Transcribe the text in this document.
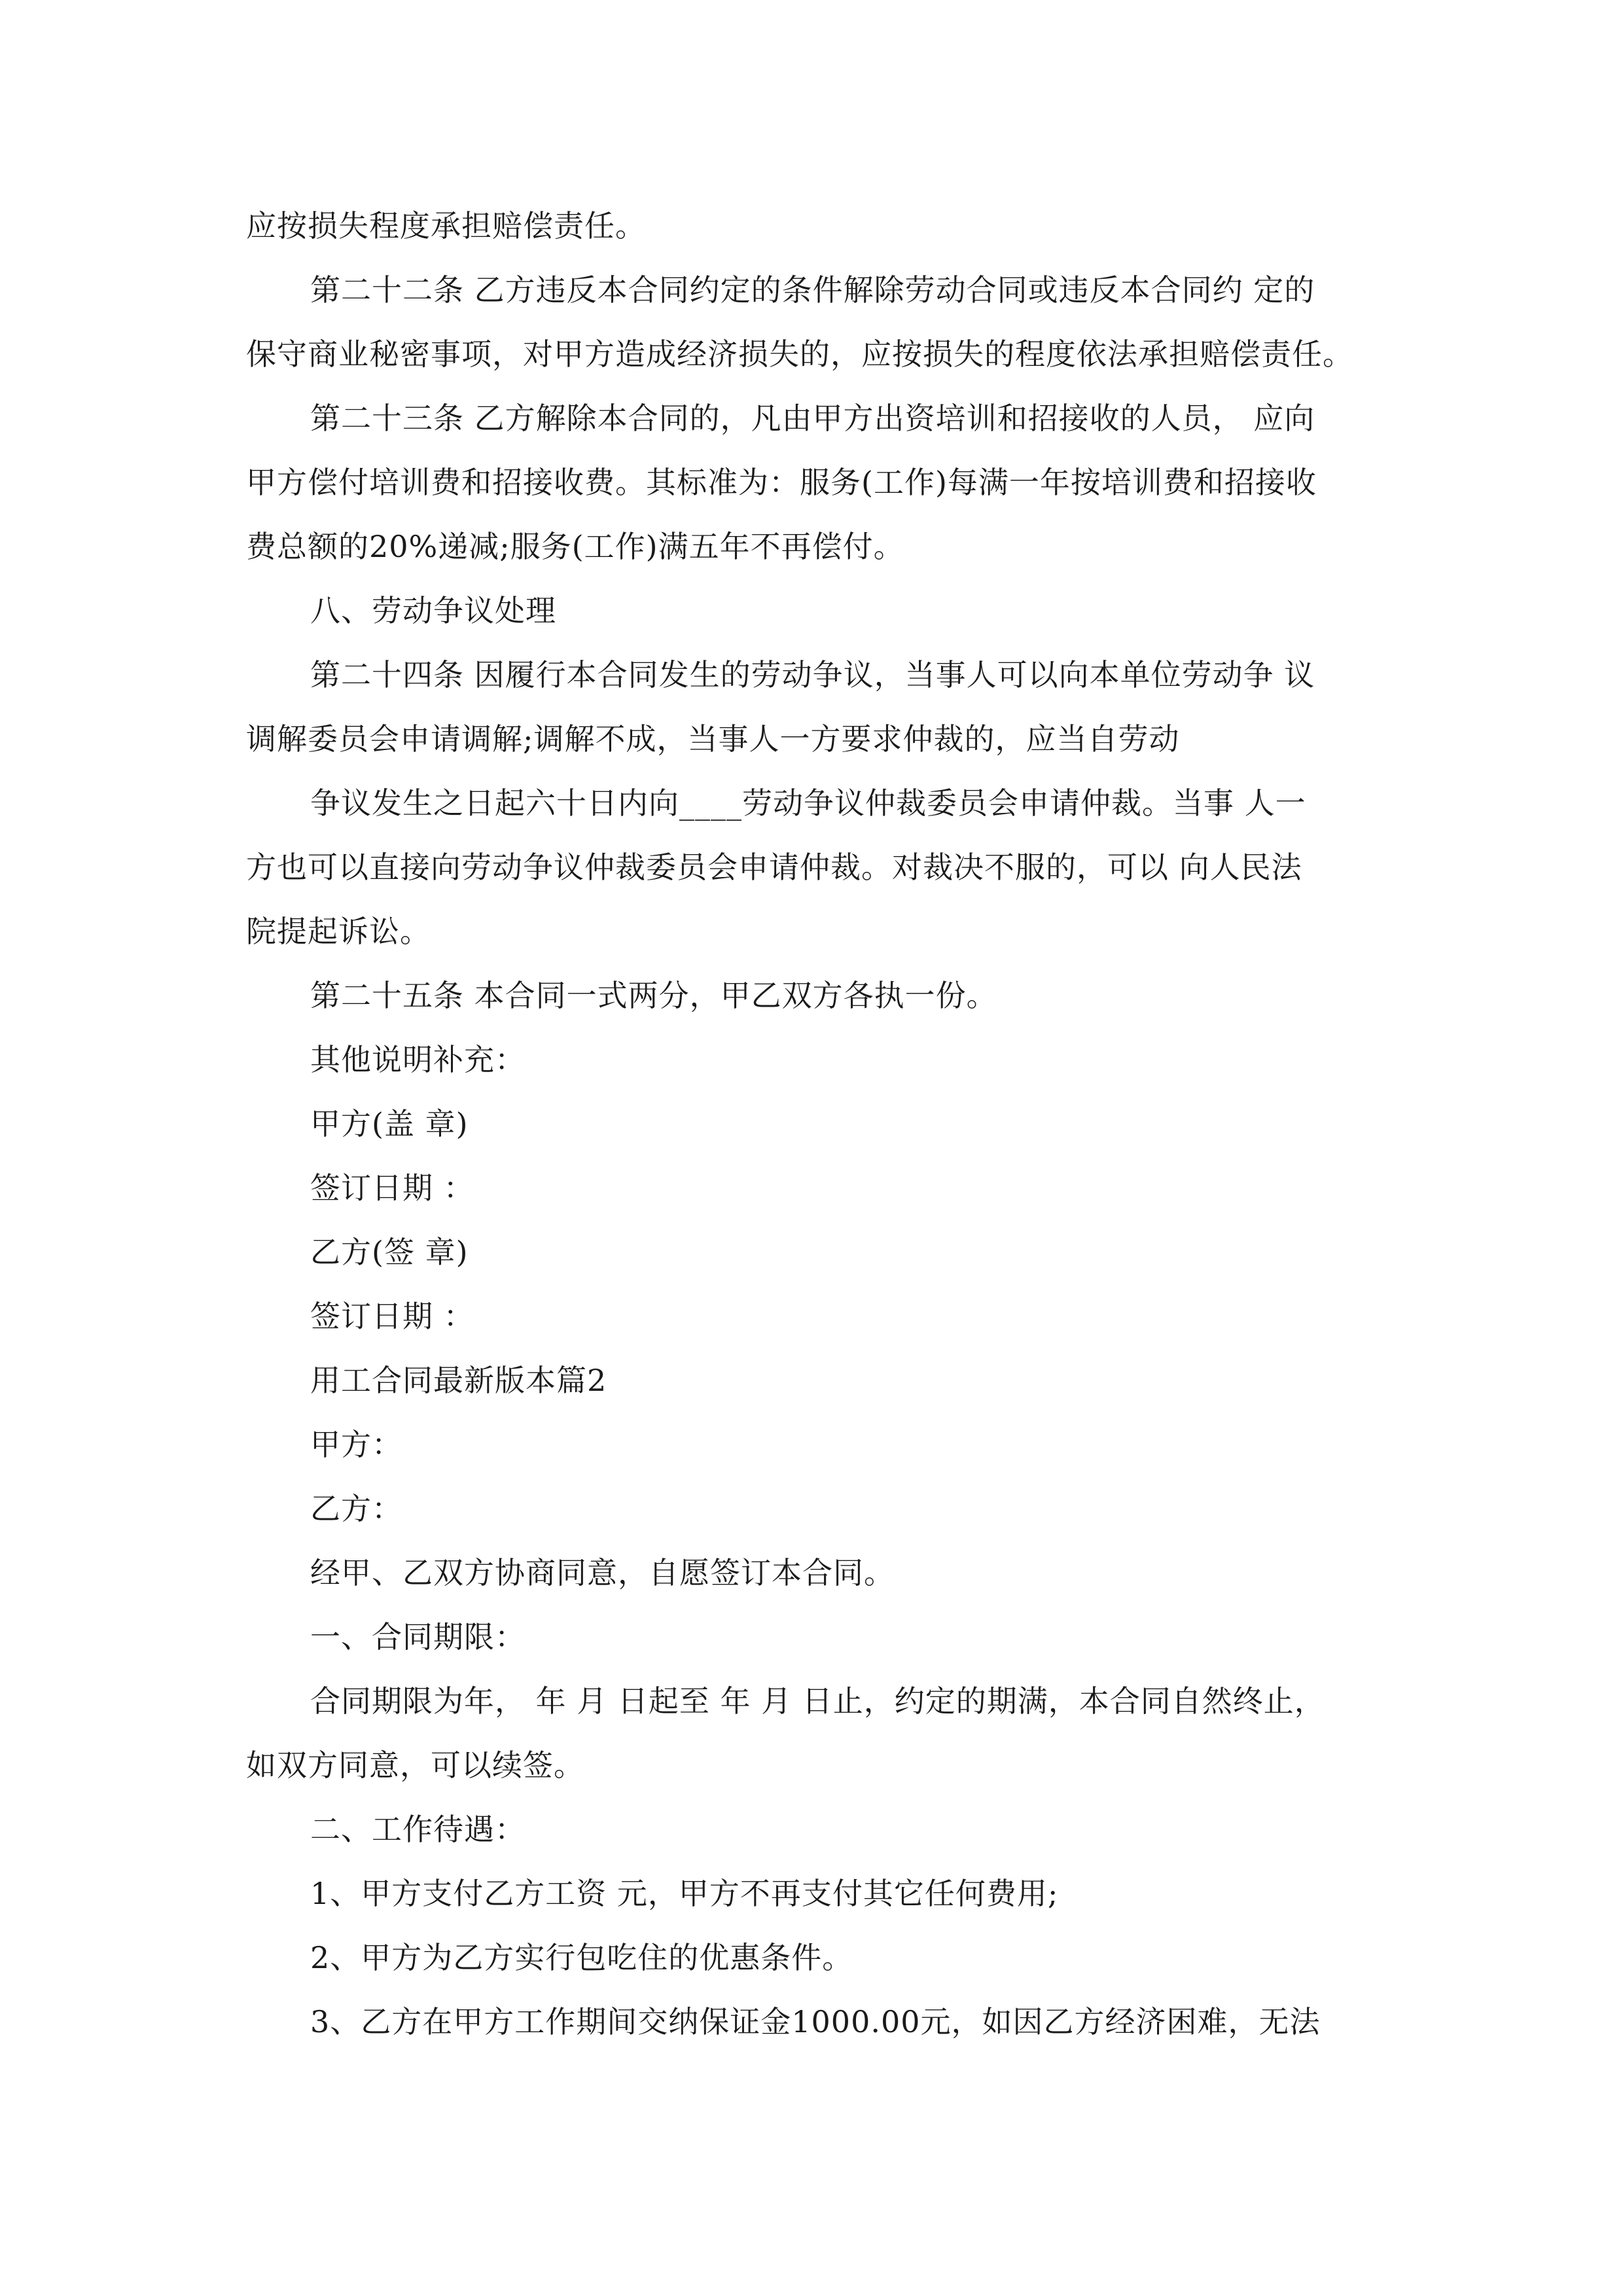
应按损失程度承担赔偿责任。

第二十二条 乙方违反本合同约定的条件解除劳动合同或违反本合同约 定的

保守商业秘密事项，对甲方造成经济损失的，应按损失的程度依法承担赔偿责任。

第二十三条 乙方解除本合同的，凡由甲方出资培训和招接收的人员， 应向

甲方偿付培训费和招接收费。其标准为：服务(工作)每满一年按培训费和招接收

费总额的20%递减;服务(工作)满五年不再偿付。

八、劳动争议处理

第二十四条 因履行本合同发生的劳动争议，当事人可以向本单位劳动争 议

调解委员会申请调解;调解不成，当事人一方要求仲裁的，应当自劳动

争议发生之日起六十日内向____劳动争议仲裁委员会申请仲裁。当事 人一

方也可以直接向劳动争议仲裁委员会申请仲裁。对裁决不服的，可以 向人民法

院提起诉讼。

第二十五条 本合同一式两分，甲乙双方各执一份。

其他说明补充：

甲方(盖 章)

签订日期 ：

乙方(签 章)

签订日期 ：

用工合同最新版本篇2

甲方：

乙方：

经甲、乙双方协商同意，自愿签订本合同。

一、合同期限：

合同期限为年， 年 月 日起至 年 月 日止，约定的期满，本合同自然终止，

如双方同意，可以续签。

二、工作待遇：

1、甲方支付乙方工资 元，甲方不再支付其它任何费用;

2、甲方为乙方实行包吃住的优惠条件。

3、乙方在甲方工作期间交纳保证金1000.00元，如因乙方经济困难，无法
